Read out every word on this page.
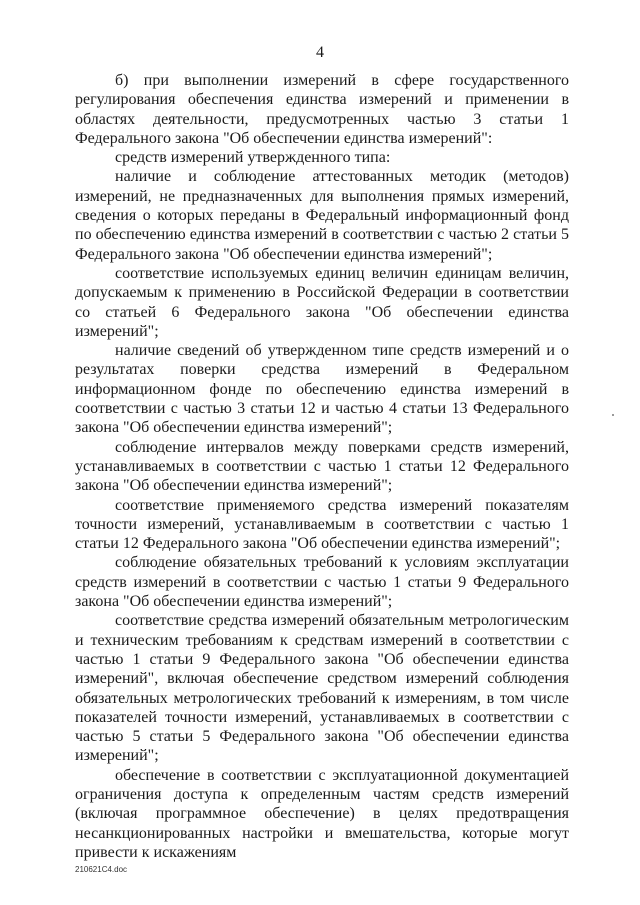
4

б) при выполнении измерений в сфере государственного регулирования обеспечения единства измерений и применении в областях деятельности, предусмотренных частью 3 статьи 1 Федерального закона "Об обеспечении единства измерений":

средств измерений утвержденного типа:

наличие и соблюдение аттестованных методик (методов) измерений, не предназначенных для выполнения прямых измерений, сведения о которых переданы в Федеральный информационный фонд по обеспечению единства измерений в соответствии с частью 2 статьи 5 Федерального закона "Об обеспечении единства измерений";

соответствие используемых единиц величин единицам величин, допускаемым к применению в Российской Федерации в соответствии со статьей 6 Федерального закона "Об обеспечении единства измерений";

наличие сведений об утвержденном типе средств измерений и о результатах поверки средства измерений в Федеральном информационном фонде по обеспечению единства измерений в соответствии с частью 3 статьи 12 и частью 4 статьи 13 Федерального закона "Об обеспечении единства измерений";

соблюдение интервалов между поверками средств измерений, устанавливаемых в соответствии с частью 1 статьи 12 Федерального закона "Об обеспечении единства измерений";

соответствие применяемого средства измерений показателям точности измерений, устанавливаемым в соответствии с частью 1 статьи 12 Федерального закона "Об обеспечении единства измерений";

соблюдение обязательных требований к условиям эксплуатации средств измерений в соответствии с частью 1 статьи 9 Федерального закона "Об обеспечении единства измерений";

соответствие средства измерений обязательным метрологическим и техническим требованиям к средствам измерений в соответствии с частью 1 статьи 9 Федерального закона "Об обеспечении единства измерений", включая обеспечение средством измерений соблюдения обязательных метрологических требований к измерениям, в том числе показателей точности измерений, устанавливаемых в соответствии с частью 5 статьи 5 Федерального закона "Об обеспечении единства измерений";

обеспечение в соответствии с эксплуатационной документацией ограничения доступа к определенным частям средств измерений (включая программное обеспечение) в целях предотвращения несанкционированных настройки и вмешательства, которые могут привести к искажениям

210621C4.doc
